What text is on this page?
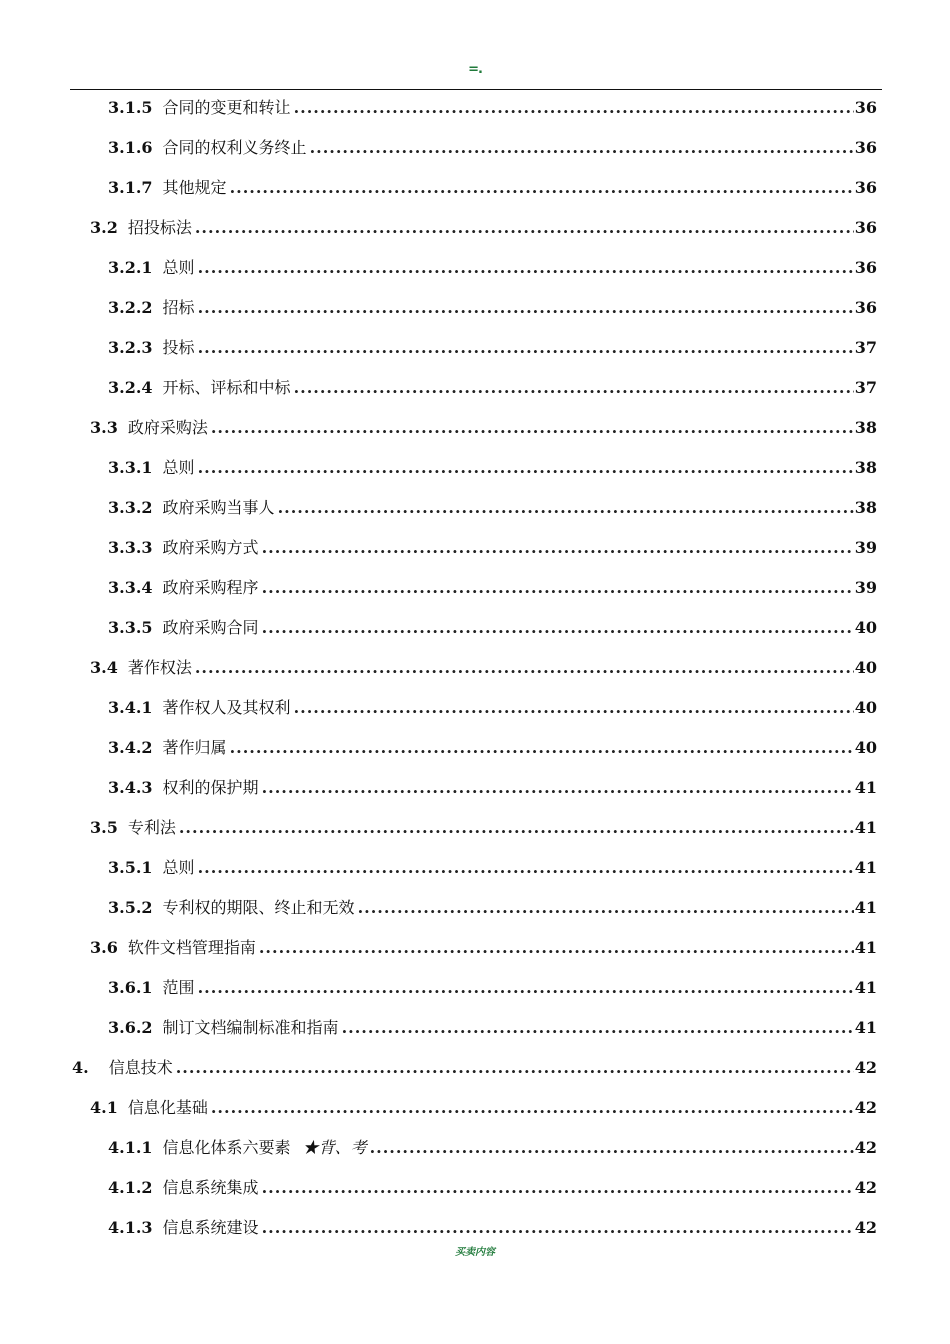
=.
3.1.5 合同的变更和转让 .....	36
3.1.6 合同的权利义务终止 .....	36
3.1.7 其他规定 .....	36
3.2 招投标法 .....	36
3.2.1 总则 .....	36
3.2.2 招标 .....	36
3.2.3 投标 .....	37
3.2.4 开标、评标和中标 .....	37
3.3 政府采购法 .....	38
3.3.1 总则 .....	38
3.3.2 政府采购当事人 .....	38
3.3.3 政府采购方式 .....	39
3.3.4 政府采购程序 .....	39
3.3.5 政府采购合同 .....	40
3.4 著作权法 .....	40
3.4.1 著作权人及其权利 .....	40
3.4.2 著作归属 .....	40
3.4.3 权利的保护期 .....	41
3.5 专利法 .....	41
3.5.1 总则 .....	41
3.5.2 专利权的期限、终止和无效 .....	41
3.6 软件文档管理指南 .....	41
3.6.1 范围 .....	41
3.6.2 制订文档编制标准和指南 .....	41
4. 信息技术 .....	42
4.1 信息化基础 .....	42
4.1.1 信息化体系六要素 ★背、考 .....	42
4.1.2 信息系统集成 .....	42
4.1.3 信息系统建设 .....	42
买卖内容
